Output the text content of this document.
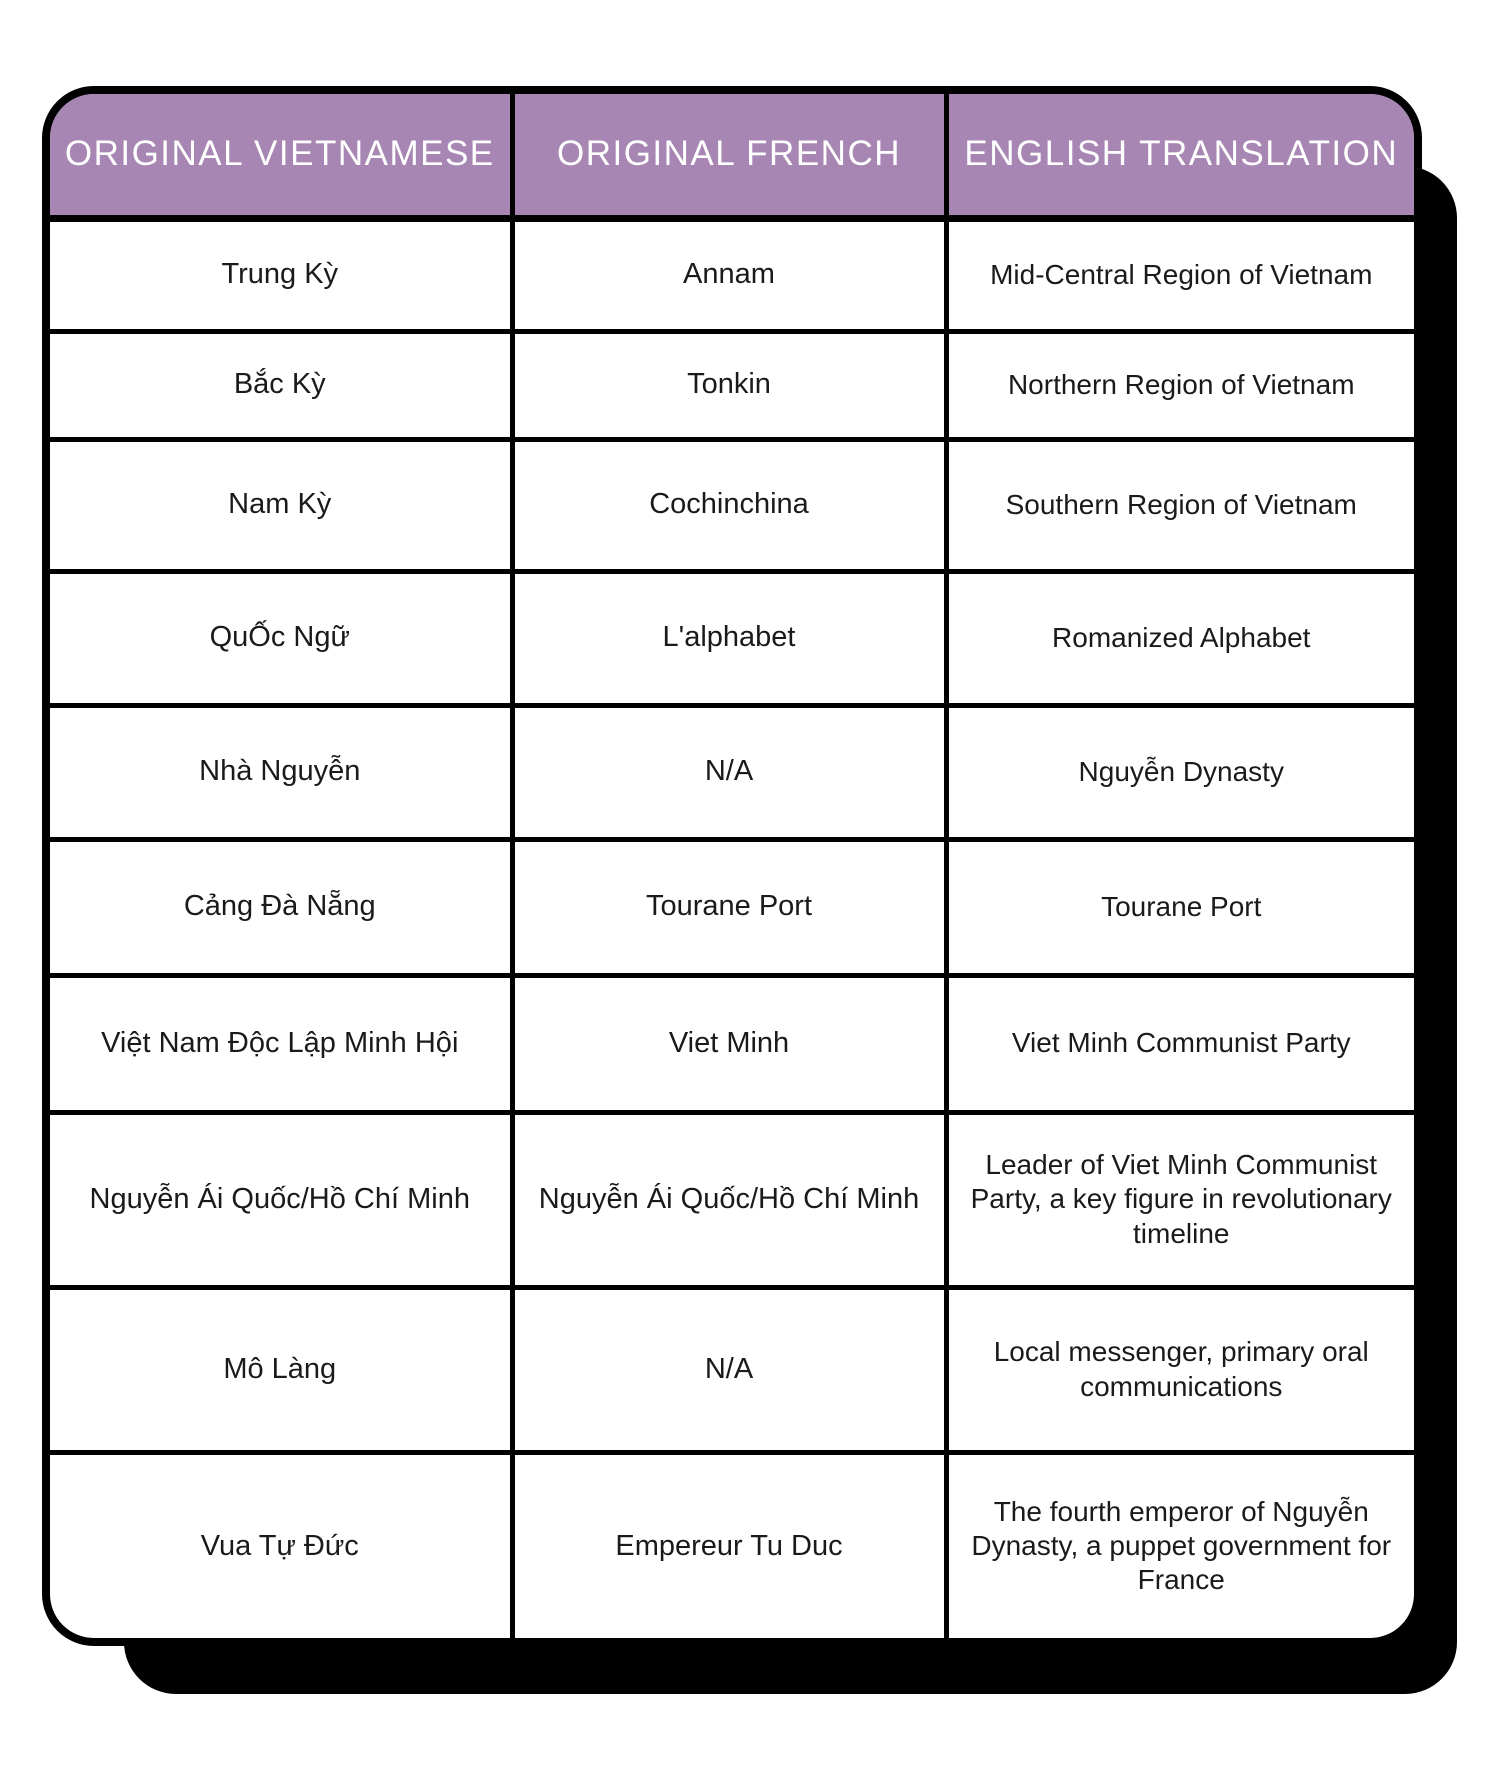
ORIGINAL VIETNAMESE	ORIGINAL FRENCH	ENGLISH TRANSLATION
Trung Kỳ	Annam	Mid-Central Region of Vietnam
Bắc Kỳ	Tonkin	Northern Region of Vietnam
Nam Kỳ	Cochinchina	Southern Region of Vietnam
QuỐc Ngữ	L'alphabet	Romanized Alphabet
Nhà Nguyễn	N/A	Nguyễn Dynasty
Cảng Đà Nẵng	Tourane Port	Tourane Port
Việt Nam Độc Lập Minh Hội	Viet Minh	Viet Minh Communist Party
Nguyễn Ái Quốc/Hồ Chí Minh	Nguyễn Ái Quốc/Hồ Chí Minh	Leader of Viet Minh Communist Party, a key figure in revolutionary timeline
Mô Làng	N/A	Local messenger, primary oral communications
Vua Tự Đức	Empereur Tu Duc	The fourth emperor of Nguyễn Dynasty, a puppet government for France
